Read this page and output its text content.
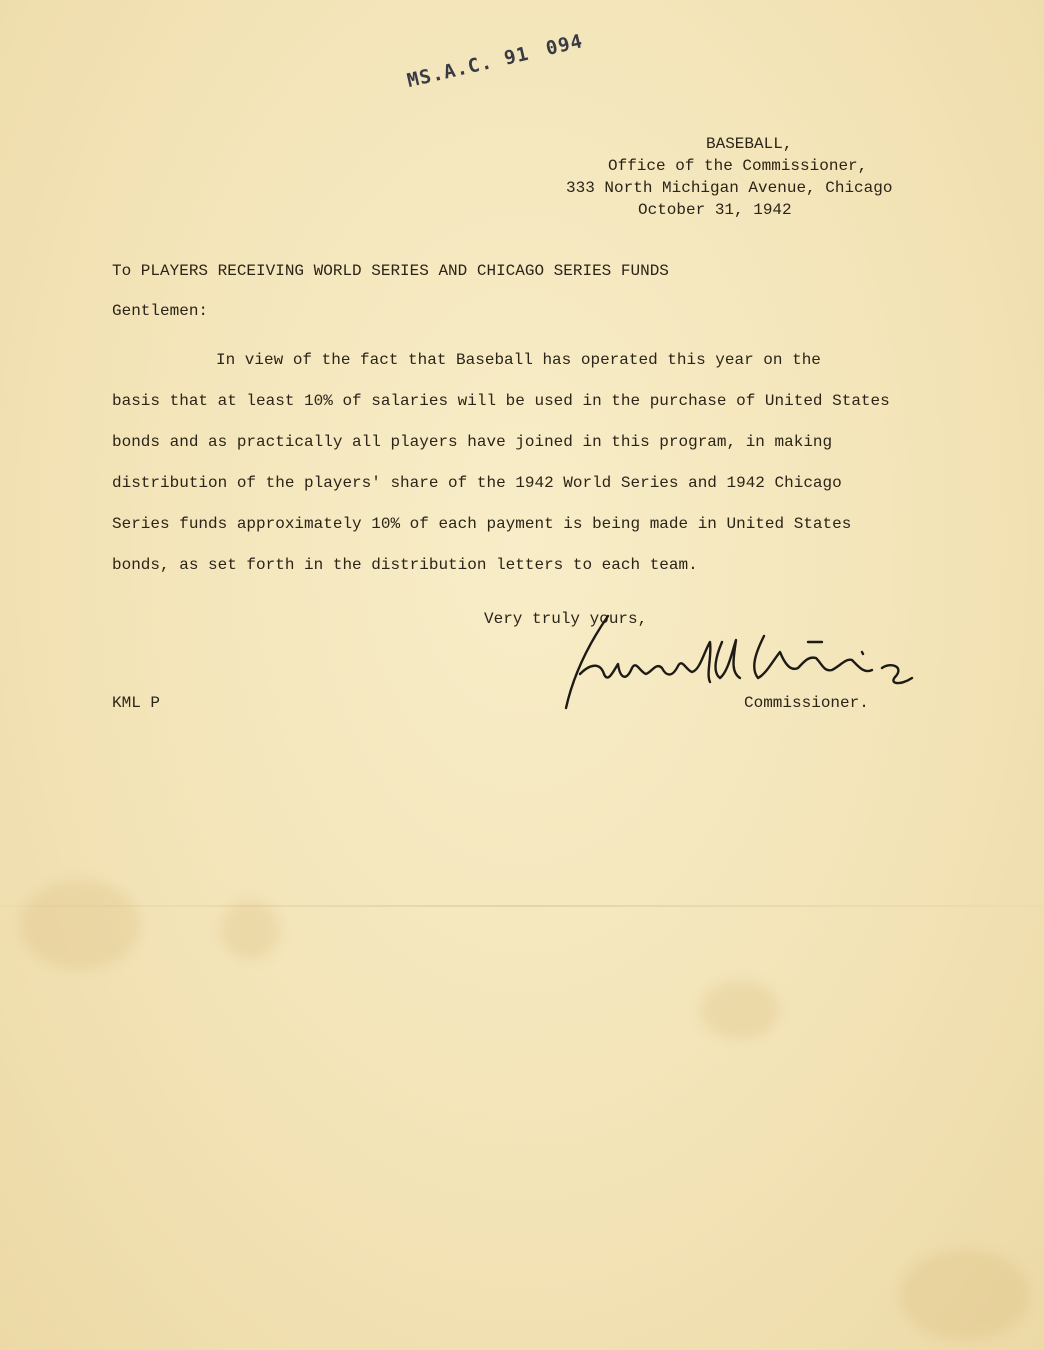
MS.A.C. 91 094
BASEBALL,
Office of the Commissioner,
333 North Michigan Avenue, Chicago
October 31, 1942
To PLAYERS RECEIVING WORLD SERIES AND CHICAGO SERIES FUNDS
Gentlemen:
In view of the fact that Baseball has operated this year on the
basis that at least 10% of salaries will be used in the purchase of United States
bonds and as practically all players have joined in this program, in making
distribution of the players' share of the 1942 World Series and 1942 Chicago
Series funds approximately 10% of each payment is being made in United States
bonds, as set forth in the distribution letters to each team.
Very truly yours,
Commissioner.
KML P
